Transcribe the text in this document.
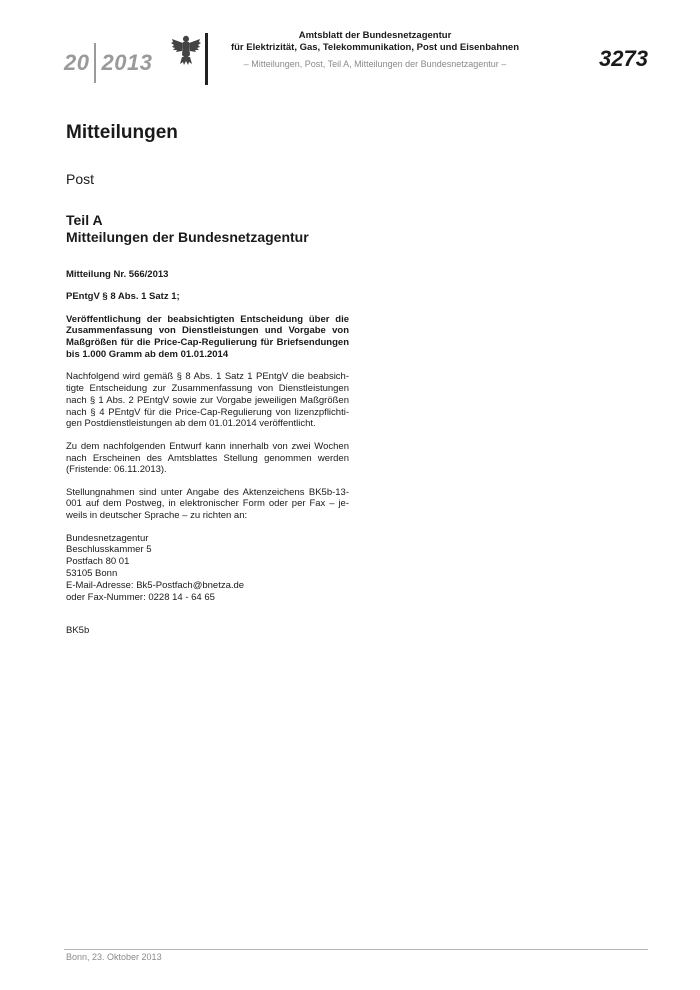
20 2013
Amtsblatt der Bundesnetzagentur
für Elektrizität, Gas, Telekommunikation, Post und Eisenbahnen
– Mitteilungen, Post, Teil A, Mitteilungen der Bundesnetzagentur –	3273
Mitteilungen
Post
Teil A
Mitteilungen der Bundesnetzagentur

Mitteilung Nr. 566/2013

PEntgV § 8 Abs. 1 Satz 1;

Veröffentlichung der beabsichtigten Entscheidung über die Zusammenfassung von Dienstleistungen und Vorgabe von Maßgrößen für die Price-Cap-Regulierung für Briefsendungen bis 1.000 Gramm ab dem 01.01.2014

Nachfolgend wird gemäß § 8 Abs. 1 Satz 1 PEntgV die beabsich-tigte Entscheidung zur Zusammenfassung von Dienstleistungen nach § 1 Abs. 2 PEntgV sowie zur Vorgabe jeweiligen Maßgrößen nach § 4 PEntgV für die Price-Cap-Regulierung von lizenzpflichti-gen Postdienstleistungen ab dem 01.01.2014 veröffentlicht.

Zu dem nachfolgenden Entwurf kann innerhalb von zwei Wochen nach Erscheinen des Amtsblattes Stellung genommen werden (Fristende: 06.11.2013).

Stellungnahmen sind unter Angabe des Aktenzeichens BK5b-13-001 auf dem Postweg, in elektronischer Form oder per Fax – je-weils in deutscher Sprache – zu richten an:

Bundesnetzagentur

Beschlusskammer 5

Postfach 80 01

53105 Bonn

E-Mail-Adresse: Bk5-Postfach@bnetza.de

oder Fax-Nummer: 0228 14 - 64 65

BK5b

Bonn, 23. Oktober 2013
